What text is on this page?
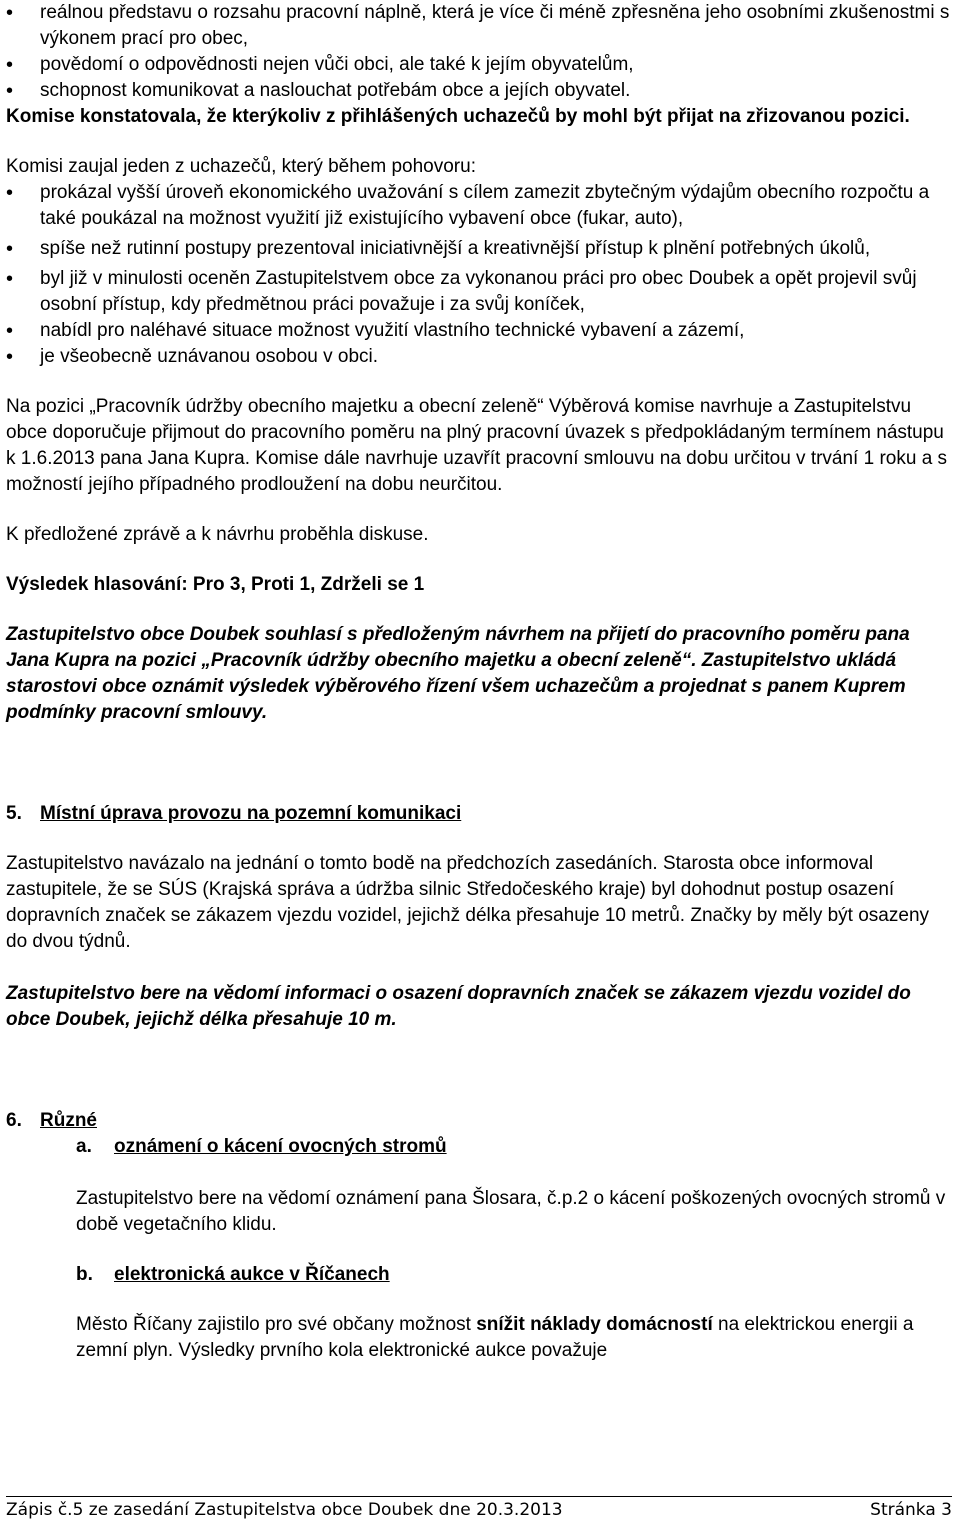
• reálnou představu o rozsahu pracovní náplně, která je více či méně zpřesněna jeho osobními zkušenostmi s výkonem prací pro obec,
• povědomí o odpovědnosti nejen vůči obci, ale také k jejím obyvatelům,
• schopnost komunikovat a naslouchat potřebám obce a jejích obyvatel.

Komise konstatovala, že kterýkoliv z přihlášených uchazečů by mohl být přijat na zřizovanou pozici.

Komisi zaujal jeden z uchazečů, který během pohovoru:

• prokázal vyšší úroveň ekonomického uvažování s cílem zamezit zbytečným výdajům obecního rozpočtu a také poukázal na možnost využití již existujícího vybavení obce (fukar, auto),
• spíše než rutinní postupy prezentoval iniciativnější a kreativnější přístup k plnění potřebných úkolů,
• byl již v minulosti oceněn Zastupitelstvem obce za vykonanou práci pro obec Doubek a opět projevil svůj osobní přístup, kdy předmětnou práci považuje i za svůj koníček,
• nabídl pro naléhavé situace možnost využití vlastního technické vybavení a zázemí,
• je všeobecně uznávanou osobou v obci.

Na pozici „Pracovník údržby obecního majetku a obecní zeleně“ Výběrová komise navrhuje a Zastupitelstvu obce doporučuje přijmout do pracovního poměru na plný pracovní úvazek s předpokládaným termínem nástupu k 1.6.2013 pana Jana Kupra. Komise dále navrhuje uzavřít pracovní smlouvu na dobu určitou v trvání 1 roku a s možností jejího případného prodloužení na dobu neurčitou.

K předložené zprávě a k návrhu proběhla diskuse.

Výsledek hlasování: Pro 3, Proti 1, Zdrželi se 1

Zastupitelstvo obce Doubek souhlasí s předloženým návrhem na přijetí do pracovního poměru pana Jana Kupra na pozici „Pracovník údržby obecního majetku a obecní zeleně“. Zastupitelstvo ukládá starostovi obce oznámit výsledek výběrového řízení všem uchazečům a projednat s panem Kuprem podmínky pracovní smlouvy.

5. Místní úprava provozu na pozemní komunikaci

Zastupitelstvo navázalo na jednání o tomto bodě na předchozích zasedáních. Starosta obce informoval zastupitele, že se SÚS (Krajská správa a údržba silnic Středočeského kraje) byl dohodnut postup osazení dopravních značek se zákazem vjezdu vozidel, jejichž délka přesahuje 10 metrů. Značky by měly být osazeny do dvou týdnů.

Zastupitelstvo bere na vědomí informaci o osazení dopravních značek se zákazem vjezdu vozidel do obce Doubek, jejichž délka přesahuje 10 m.

6. Různé
a.	oznámení o kácení ovocných stromů

Zastupitelstvo bere na vědomí oznámení pana Šlosara, č.p.2 o kácení poškozených ovocných stromů v době vegetačního klidu.

b.	elektronická aukce v Říčanech

Město Říčany zajistilo pro své občany možnost snížit náklady domácností na elektrickou energii a zemní plyn. Výsledky prvního kola elektronické aukce považuje

Zápis č.5 ze zasedání Zastupitelstva obce Doubek dne 20.3.2013	Stránka 3
